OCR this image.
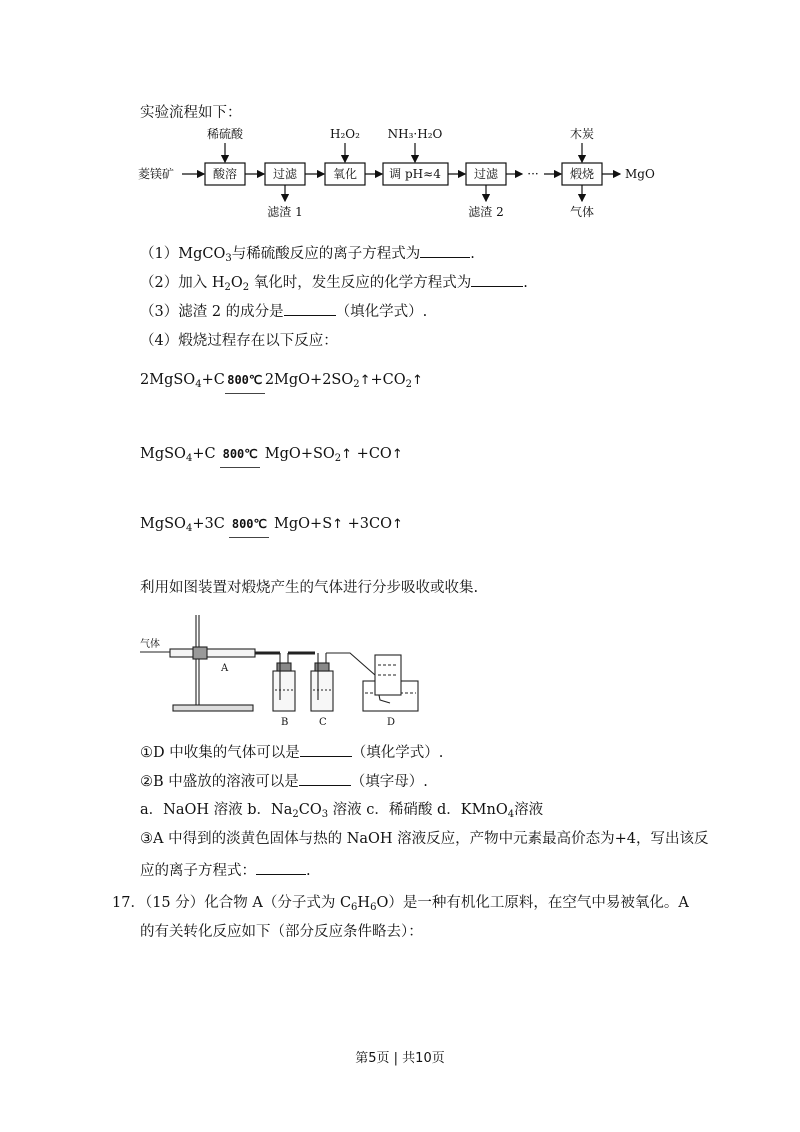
实验流程如下：
菱镁矿	酸溶	过滤	氧化	调 pH≈4	过滤	煅烧
···	MgO
稀硫酸	H₂O₂ NH₃·H₂O	木炭
滤渣 1	滤渣 2	气体
（1）MgCO$_3$与稀硫酸反应的离子方程式为	.
（2）加入 $H_2O_2$ 氧化时，发生反应的化学方程式为	.
（3）滤渣 2 的成分是	（填化学式）.
（4）煅烧过程存在以下反应：
2MgSO$_4$+C 800℃ $2MgO+2SO_2↑+CO_2↑$
MgSO$_4$+C 800℃
$MgO+SO_2↑$ +CO↑
MgSO$_4$+3C 800℃
MgO+S↑ +3CO↑
利用如图装置对煅烧产生的气体进行分步吸收或收集.
气体
A
B	C	D
①D 中收集的气体可以是	（填化学式）.
②B 中盛放的溶液可以是	（填字母）.
a．NaOH 溶液 b．$Na_2CO_3$ 溶液 c．稀硝酸 d．KMnO$_4$溶液
③A 中得到的淡黄色固体与热的 NaOH 溶液反应，产物中元素最高价态为+4，写出该反
应的离子方程式：	.
17．（15 分）化合物 A（分子式为 $C_6H_6O$）是一种有机化工原料，在空气中易被氧化。A
的有关转化反应如下（部分反应条件略去）：
第5页 | 共10页
